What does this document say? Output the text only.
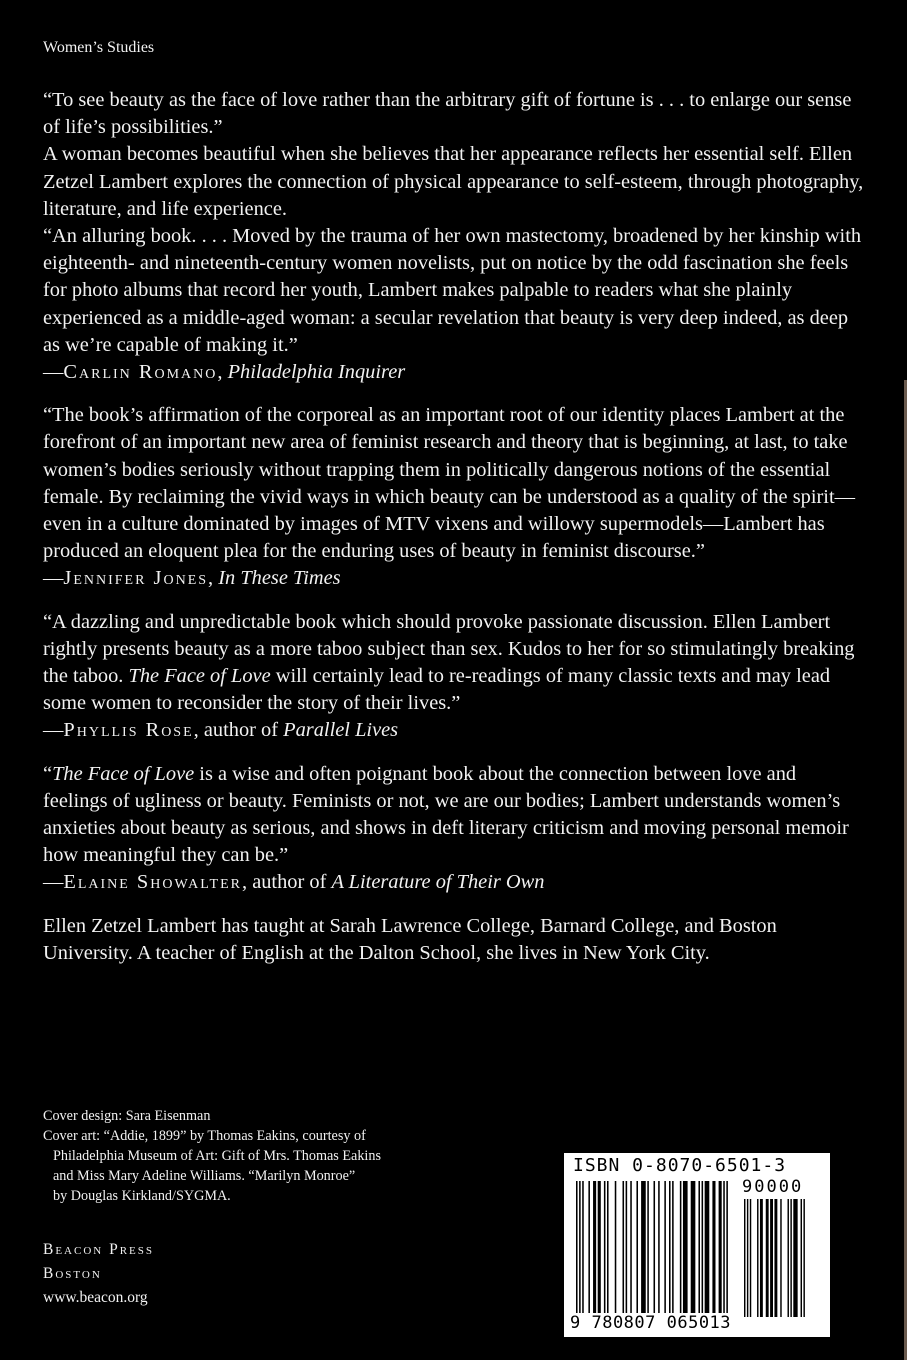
Women’s Studies

“To see beauty as the face of love rather than the arbitrary gift of fortune is . . . to enlarge our sense of life’s possibilities.”

A woman becomes beautiful when she believes that her appearance reflects her essential self. Ellen Zetzel Lambert explores the connection of physical appearance to self-esteem, through photography, literature, and life experience.

“An alluring book. . . . Moved by the trauma of her own mastectomy, broadened by her kinship with eighteenth- and nineteenth-century women novelists, put on notice by the odd fascination she feels for photo albums that record her youth, Lambert makes palpable to readers what she plainly experienced as a middle-aged woman: a secular revelation that beauty is very deep indeed, as deep as we’re capable of making it.”

—Carlin Romano, Philadelphia Inquirer

“The book’s affirmation of the corporeal as an important root of our identity places Lambert at the forefront of an important new area of feminist research and theory that is beginning, at last, to take women’s bodies seriously without trapping them in politically dangerous notions of the essential female. By reclaiming the vivid ways in which beauty can be understood as a quality of the spirit—even in a culture dominated by images of MTV vixens and willowy supermodels—Lambert has produced an eloquent plea for the enduring uses of beauty in feminist discourse.”

—Jennifer Jones, In These Times

“A dazzling and unpredictable book which should provoke passionate discussion. Ellen Lambert rightly presents beauty as a more taboo subject than sex. Kudos to her for so stimulatingly breaking the taboo. The Face of Love will certainly lead to re-readings of many classic texts and may lead some women to reconsider the story of their lives.”

—Phyllis Rose, author of Parallel Lives

“The Face of Love is a wise and often poignant book about the connection between love and feelings of ugliness or beauty. Feminists or not, we are our bodies; Lambert understands women’s anxieties about beauty as serious, and shows in deft literary criticism and moving personal memoir how meaningful they can be.”

—Elaine Showalter, author of A Literature of Their Own

Ellen Zetzel Lambert has taught at Sarah Lawrence College, Barnard College, and Boston University. A teacher of English at the Dalton School, she lives in New York City.

Cover design: Sara Eisenman
Cover art: “Addie, 1899” by Thomas Eakins, courtesy of
Philadelphia Museum of Art: Gift of Mrs. Thomas Eakins
and Miss Mary Adeline Williams. “Marilyn Monroe”
by Douglas Kirkland/SYGMA.
Beacon Press
Boston
www.beacon.org
ISBN 0-8070-6501-3
90000
9 780807 065013
